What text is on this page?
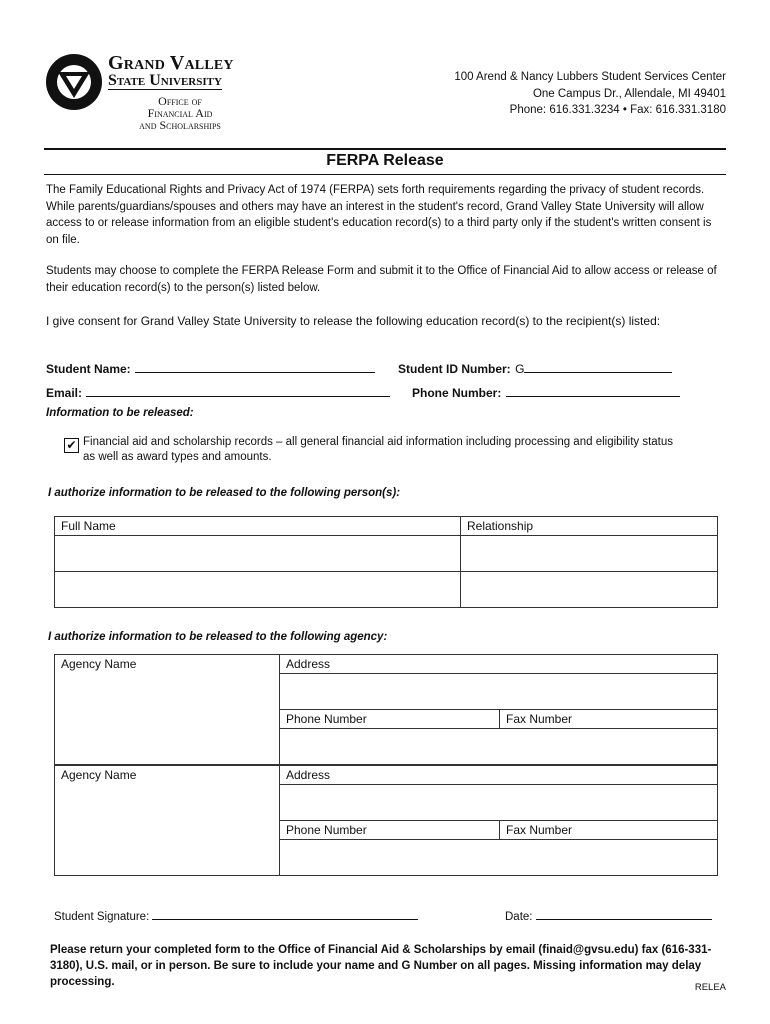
Grand Valley
State University
Office of
Financial Aid
and Scholarships
100 Arend & Nancy Lubbers Student Services Center
One Campus Dr., Allendale, MI 49401
Phone: 616.331.3234 • Fax: 616.331.3180
FERPA Release
The Family Educational Rights and Privacy Act of 1974 (FERPA) sets forth requirements regarding the privacy of student records. While parents/guardians/spouses and others may have an interest in the student's record, Grand Valley State University will allow access to or release information from an eligible student's education record(s) to a third party only if the student's written consent is on file.
Students may choose to complete the FERPA Release Form and submit it to the Office of Financial Aid to allow access or release of their education record(s) to the person(s) listed below.
I give consent for Grand Valley State University to release the following education record(s) to the recipient(s) listed:
Student Name:	Student ID Number: G
Email:	Phone Number:
Information to be released:
✔ Financial aid and scholarship records – all general financial aid information including processing and eligibility status
as well as award types and amounts.
I authorize information to be released to the following person(s):
Full Name	Relationship

I authorize information to be released to the following agency:
Agency Name	Address	

	Phone Number	Fax Number

Agency Name	Address	

	Phone Number	Fax Number

Student Signature:	Date:
Please return your completed form to the Office of Financial Aid & Scholarships by email (finaid@gvsu.edu) fax (616-331-3180), U.S. mail, or in person. Be sure to include your name and G Number on all pages. Missing information may delay processing.	RELEA
